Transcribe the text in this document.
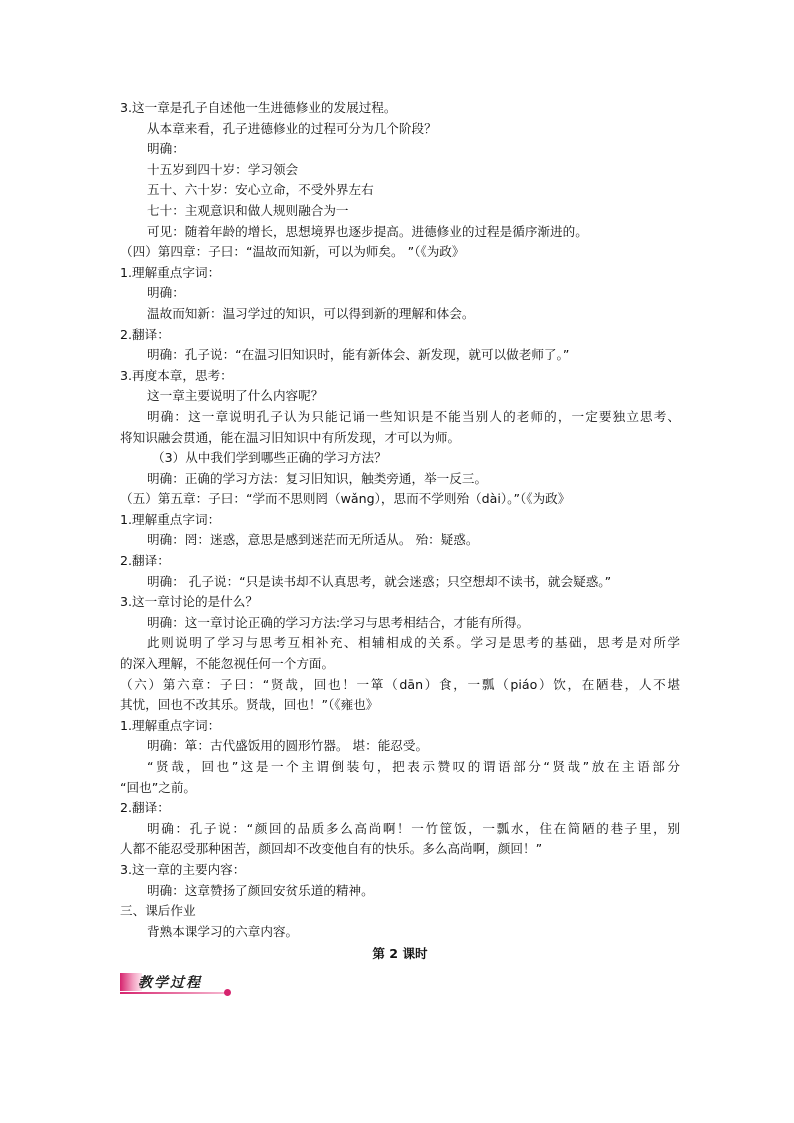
3.这一章是孔子自述他一生进德修业的发展过程。
从本章来看，孔子进德修业的过程可分为几个阶段？
明确：
十五岁到四十岁：学习领会
五十、六十岁：安心立命，不受外界左右
七十：主观意识和做人规则融合为一
可见：随着年龄的增长，思想境界也逐步提高。进德修业的过程是循序渐进的。
（四）第四章：子曰：“温故而知新，可以为师矣。 ”（《为政》
1.理解重点字词：
明确：
温故而知新：温习学过的知识，可以得到新的理解和体会。
2.翻译：
明确：孔子说：“在温习旧知识时，能有新体会、新发现，就可以做老师了。”
3.再度本章，思考：
这一章主要说明了什么内容呢？
明确：这一章说明孔子认为只能记诵一些知识是不能当别人的老师的，一定要独立思考、
将知识融会贯通，能在温习旧知识中有所发现，才可以为师。
（3）从中我们学到哪些正确的学习方法？
明确：正确的学习方法：复习旧知识，触类旁通，举一反三。
（五）第五章：子曰：“学而不思则罔（wǎng），思而不学则殆（dài）。”（《为政》
1.理解重点字词：
明确：罔：迷惑，意思是感到迷茫而无所适从。 殆：疑惑。
2.翻译：
明确： 孔子说：“只是读书却不认真思考，就会迷惑；只空想却不读书，就会疑惑。”
3.这一章讨论的是什么？
明确：这一章讨论正确的学习方法:学习与思考相结合，才能有所得。
此则说明了学习与思考互相补充、相辅相成的关系。学习是思考的基础，思考是对所学
的深入理解，不能忽视任何一个方面。
（六）第六章：子曰：“贤哉，回也！一箪（dān）食，一瓢（piáo）饮，在陋巷，人不堪
其忧，回也不改其乐。贤哉，回也！”（《雍也》
1.理解重点字词：
明确：箪：古代盛饭用的圆形竹器。 堪：能忍受。
“贤哉，回也”这是一个主谓倒装句，把表示赞叹的谓语部分“贤哉”放在主语部分
“回也”之前。
2.翻译：
明确：孔子说：“颜回的品质多么高尚啊！一竹筐饭，一瓢水，住在简陋的巷子里，别
人都不能忍受那种困苦，颜回却不改变他自有的快乐。多么高尚啊，颜回！”
3.这一章的主要内容：
明确：这章赞扬了颜回安贫乐道的精神。
三、课后作业
背熟本课学习的六章内容。
第 2 课时
教学过程
